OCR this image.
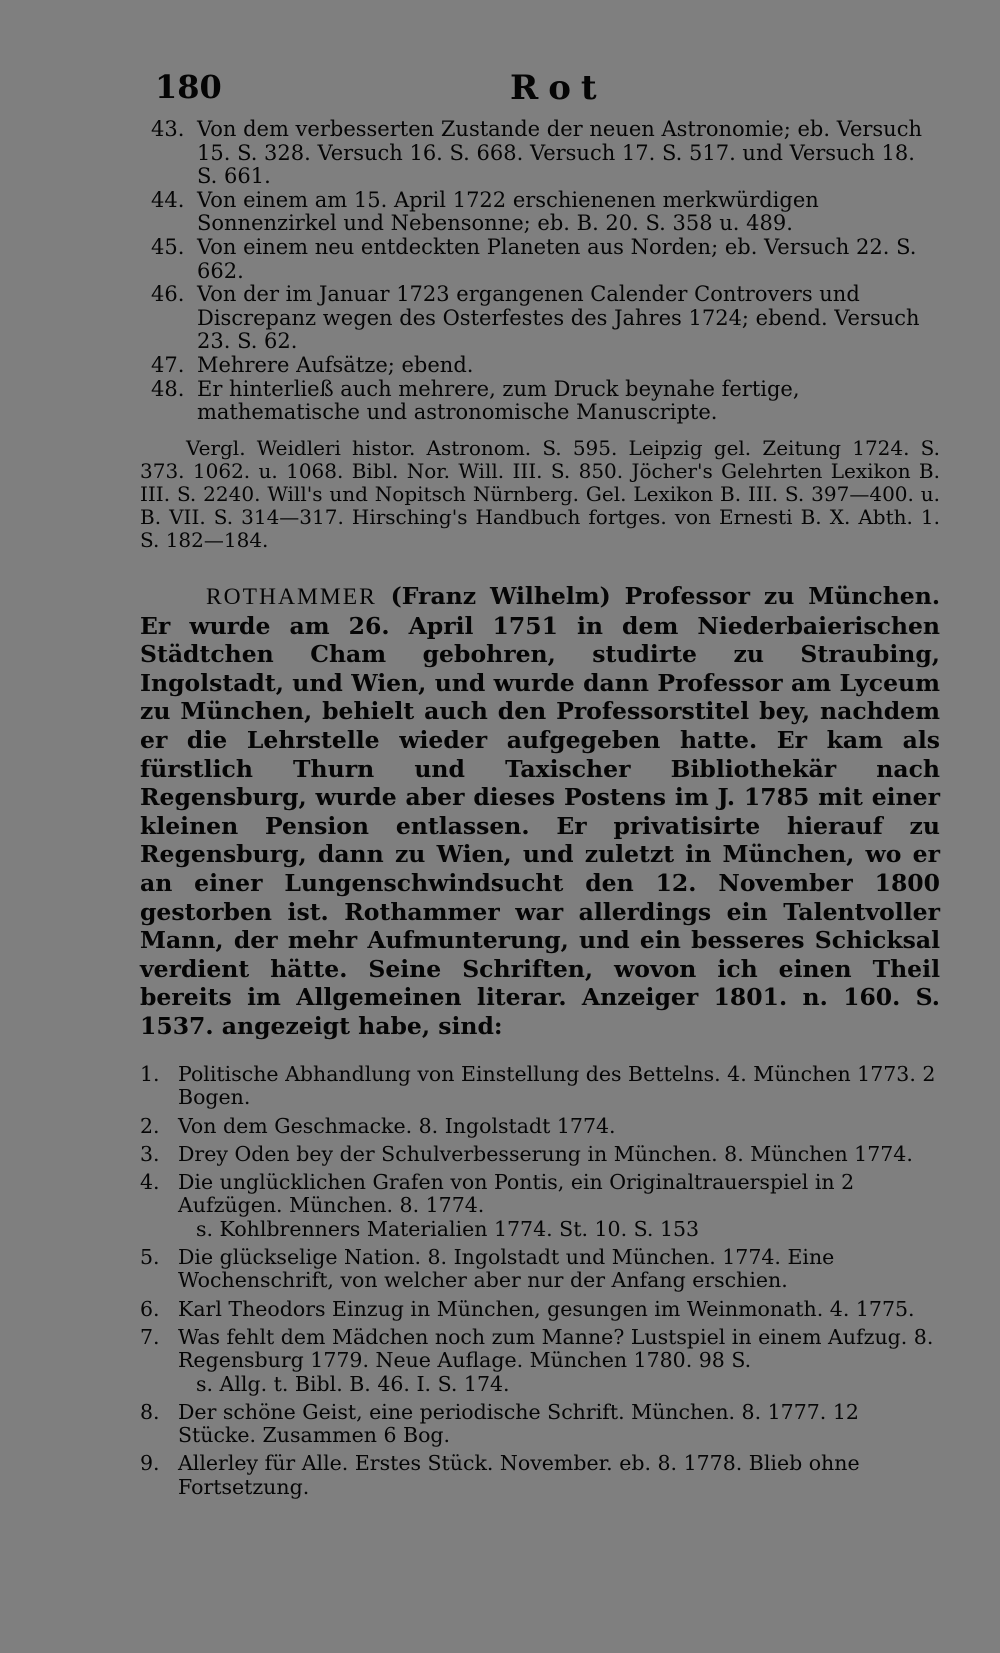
180	Rot
43. Von dem verbesserten Zustande der neuen Astronomie; eb. Versuch 15. S. 328. Versuch 16. S. 668. Versuch 17. S. 517. und Versuch 18. S. 661.
44. Von einem am 15. April 1722 erschienenen merkwürdigen Sonnenzirkel und Nebensonne; eb. B. 20. S. 358 u. 489.
45. Von einem neu entdeckten Planeten aus Norden; eb. Versuch 22. S. 662.
46. Von der im Januar 1723 ergangenen Calender Controvers und Discrepanz wegen des Osterfestes des Jahres 1724; ebend. Versuch 23. S. 62.
47. Mehrere Aufsätze; ebend.
48. Er hinterließ auch mehrere, zum Druck beynahe fertige, mathematische und astronomische Manuscripte.
Vergl. Weidleri histor. Astronom. S. 595. Leipzig gel. Zeitung 1724. S. 373. 1062. u. 1068. Bibl. Nor. Will. III. S. 850. Jöcher's Gelehrten Lexikon B. III. S. 2240. Will's und Nopitsch Nürnberg. Gel. Lexikon B. III. S. 397—400. u. B. VII. S. 314—317. Hirsching's Handbuch fortges. von Ernesti B. X. Abth. 1. S. 182—184.
ROTHAMMER (Franz Wilhelm) Professor zu München. Er wurde am 26. April 1751 in dem Niederbaierischen Städtchen Cham gebohren, studirte zu Straubing, Ingolstadt, und Wien, und wurde dann Professor am Lyceum zu München, behielt auch den Professorstitel bey, nachdem er die Lehrstelle wieder aufgegeben hatte. Er kam als fürstlich Thurn und Taxischer Bibliothekär nach Regensburg, wurde aber dieses Postens im J. 1785 mit einer kleinen Pension entlassen. Er privatisirte hierauf zu Regensburg, dann zu Wien, und zuletzt in München, wo er an einer Lungenschwindsucht den 12. November 1800 gestorben ist. Rothammer war allerdings ein Talentvoller Mann, der mehr Aufmunterung, und ein besseres Schicksal verdient hätte. Seine Schriften, wovon ich einen Theil bereits im Allgemeinen literar. Anzeiger 1801. n. 160. S. 1537. angezeigt habe, sind:
1. Politische Abhandlung von Einstellung des Bettelns. 4. München 1773. 2 Bogen.
2. Von dem Geschmacke. 8. Ingolstadt 1774.
3. Drey Oden bey der Schulverbesserung in München. 8. München 1774.
4. Die unglücklichen Grafen von Pontis, ein Originaltrauerspiel in 2 Aufzügen. München. 8. 1774.
s. Kohlbrenners Materialien 1774. St. 10. S. 153
5. Die glückselige Nation. 8. Ingolstadt und München. 1774. Eine Wochenschrift, von welcher aber nur der Anfang erschien.
6. Karl Theodors Einzug in München, gesungen im Weinmonath. 4. 1775.
7. Was fehlt dem Mädchen noch zum Manne? Lustspiel in einem Aufzug. 8. Regensburg 1779. Neue Auflage. München 1780. 98 S.
s. Allg. t. Bibl. B. 46. I. S. 174.
8. Der schöne Geist, eine periodische Schrift. München. 8. 1777. 12 Stücke. Zusammen 6 Bog.
9. Allerley für Alle. Erstes Stück. November. eb. 8. 1778. Blieb ohne Fortsetzung.
